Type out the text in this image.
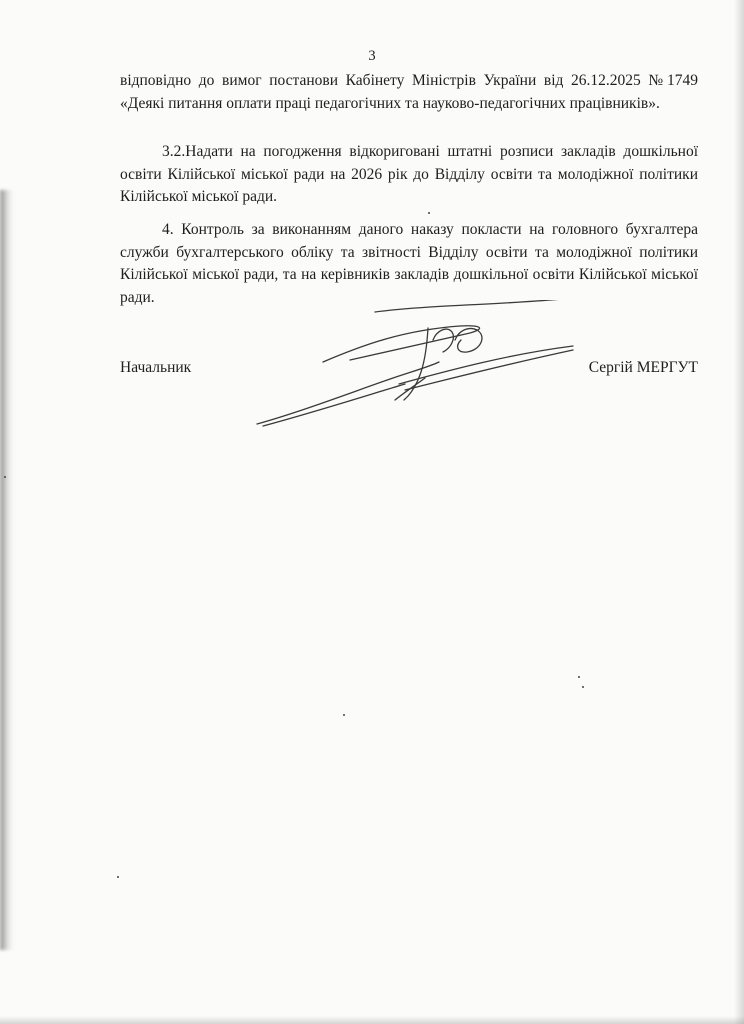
3

відповідно до вимог постанови Кабінету Міністрів України від 26.12.2025 №1749 «Деякі питання оплати праці педагогічних та науково-педагогічних працівників».

3.2.Надати на погодження відкориговані штатні розписи закладів дошкільної освіти Кілійської міської ради на 2026 рік до Відділу освіти та молодіжної політики Кілійської міської ради.

4. Контроль за виконанням даного наказу покласти на головного бухгалтера служби бухгалтерського обліку та звітності Відділу освіти та молодіжної політики Кілійської міської ради, та на керівників закладів дошкільної освіти Кілійської міської ради.

Начальник	Сергій МЕРГУТ
